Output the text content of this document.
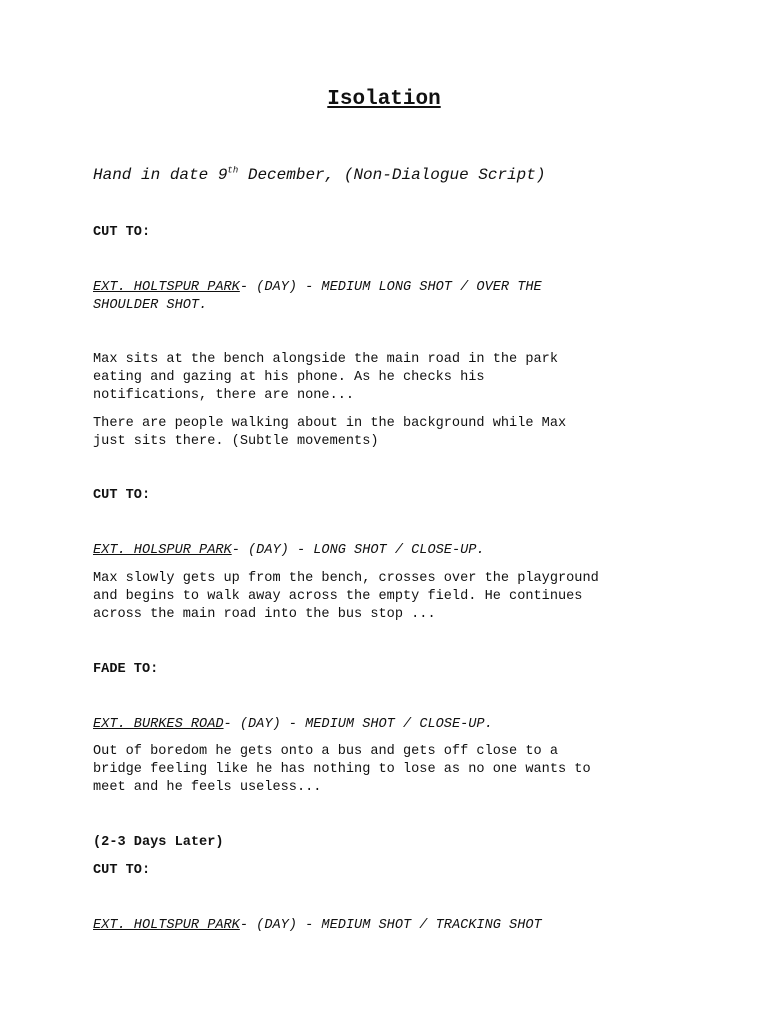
Isolation

Hand in date 9th December, (Non-Dialogue Script)

CUT TO:

EXT. HOLTSPUR PARK- (DAY) - MEDIUM LONG SHOT / OVER THE
SHOULDER SHOT.

Max sits at the bench alongside the main road in the park
eating and gazing at his phone. As he checks his
notifications, there are none...

There are people walking about in the background while Max
just sits there. (Subtle movements)

CUT TO:

EXT. HOLSPUR PARK- (DAY) - LONG SHOT / CLOSE-UP.

Max slowly gets up from the bench, crosses over the playground
and begins to walk away across the empty field. He continues
across the main road into the bus stop ...

FADE TO:

EXT. BURKES ROAD- (DAY) - MEDIUM SHOT / CLOSE-UP.

Out of boredom he gets onto a bus and gets off close to a
bridge feeling like he has nothing to lose as no one wants to
meet and he feels useless...

(2-3 Days Later)

CUT TO:

EXT. HOLTSPUR PARK- (DAY) - MEDIUM SHOT / TRACKING SHOT
